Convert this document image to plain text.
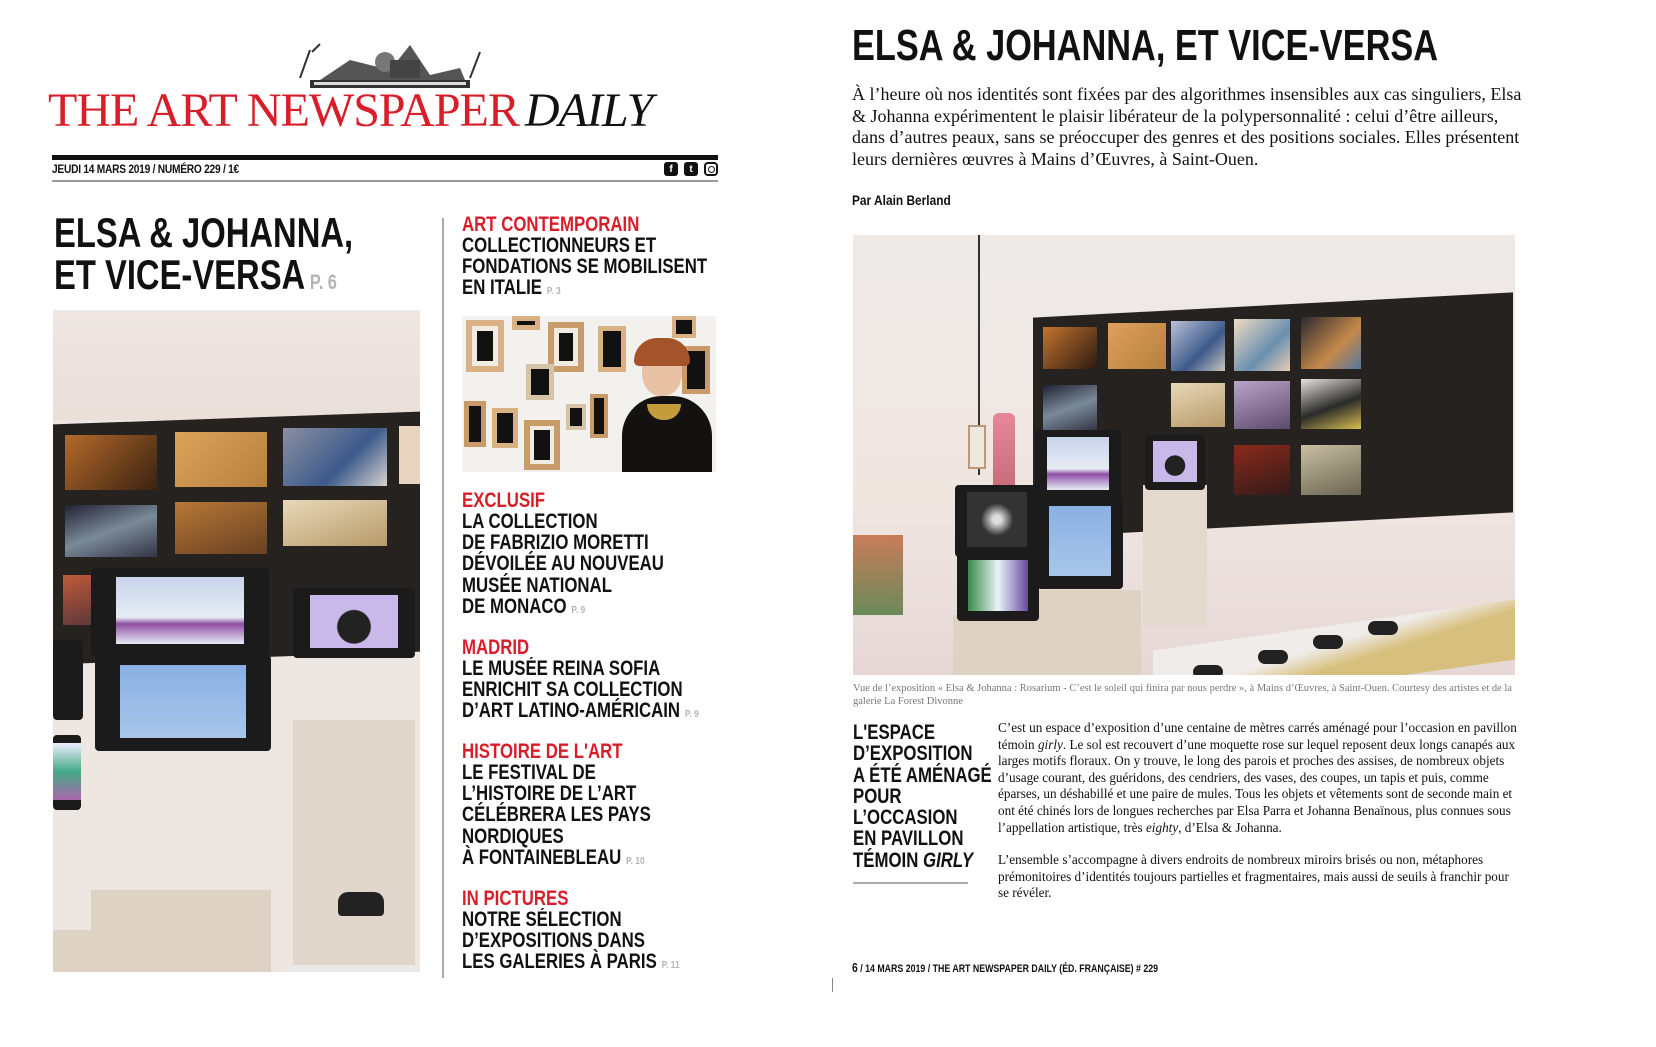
THE ART NEWSPAPER DAILY
JEUDI 14 MARS 2019 / NUMÉRO 229 / 1€	f	t
ELSA & JOHANNA,
ET VICE-VERSA P. 6
ART CONTEMPORAIN
COLLECTIONNEURS ET
FONDATIONS SE MOBILISENT
EN ITALIE P. 3
EXCLUSIF
LA COLLECTION
DE FABRIZIO MORETTI
DÉVOILÉE AU NOUVEAU
MUSÉE NATIONAL
DE MONACO P. 9
MADRID
LE MUSÉE REINA SOFIA
ENRICHIT SA COLLECTION
D’ART LATINO-AMÉRICAIN P. 9
HISTOIRE DE L'ART
LE FESTIVAL DE
L’HISTOIRE DE L’ART
CÉLÉBRERA LES PAYS
NORDIQUES
À FONTAINEBLEAU P. 10
IN PICTURES
NOTRE SÉLECTION
D’EXPOSITIONS DANS
LES GALERIES À PARIS P. 11
ELSA & JOHANNA, ET VICE-VERSA
À l’heure où nos identités sont fixées par des algorithmes insensibles aux cas singuliers, Elsa & Johanna expérimentent le plaisir libérateur de la polypersonnalité : celui d’être ailleurs, dans d’autres peaux, sans se préoccuper des genres et des positions sociales. Elles présentent leurs dernières œuvres à Mains d’Œuvres, à Saint-Ouen.
Par Alain Berland
Vue de l’exposition « Elsa & Johanna : Rosarium - C’est le soleil qui finira par nous perdre », à Mains d’Œuvres, à Saint-Ouen. Courtesy des artistes et de la galerie La Forest Divonne
L'ESPACE
D’EXPOSITION
A ÉTÉ AMÉNAGÉ
POUR
L’OCCASION
EN PAVILLON
TÉMOIN GIRLY

C’est un espace d’exposition d’une centaine de mètres carrés aménagé pour l’occasion en pavillon témoin girly. Le sol est recouvert d’une moquette rose sur lequel reposent deux longs canapés aux larges motifs floraux. On y trouve, le long des parois et proches des assises, de nombreux objets d’usage courant, des guéridons, des cendriers, des vases, des coupes, un tapis et puis, comme éparses, un déshabillé et une paire de mules. Tous les objets et vêtements sont de seconde main et ont été chinés lors de longues recherches par Elsa Parra et Johanna Benaïnous, plus connues sous l’appellation artistique, très eighty, d’Elsa & Johanna.

L’ensemble s’accompagne à divers endroits de nombreux miroirs brisés ou non, métaphores prémonitoires d’identités toujours partielles et fragmentaires, mais aussi de seuils à franchir pour se révéler.

6 / 14 MARS 2019 / THE ART NEWSPAPER DAILY (ÉD. FRANÇAISE) # 229
